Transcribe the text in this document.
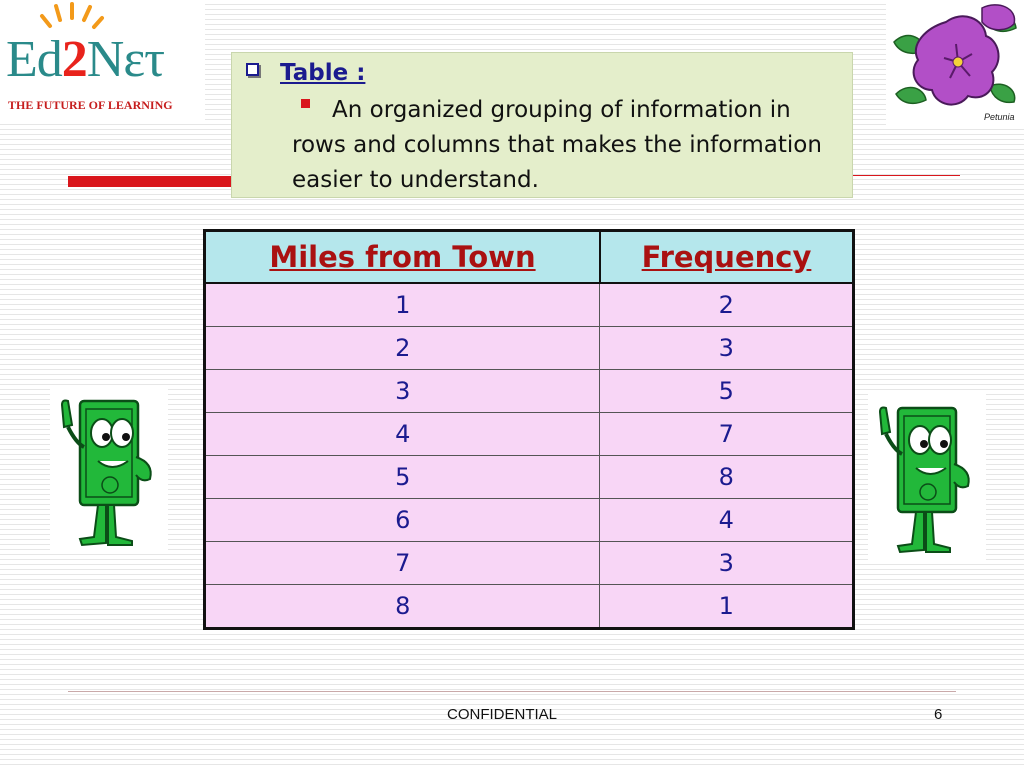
Ed2Nετ
THE FUTURE OF LEARNING
Petunia
Table :
An organized grouping of information in rows and columns that makes the information easier to understand.
Miles from Town	Frequency
1	2
2	3
3	5
4	7
5	8
6	4
7	3
8	1
CONFIDENTIAL	6
